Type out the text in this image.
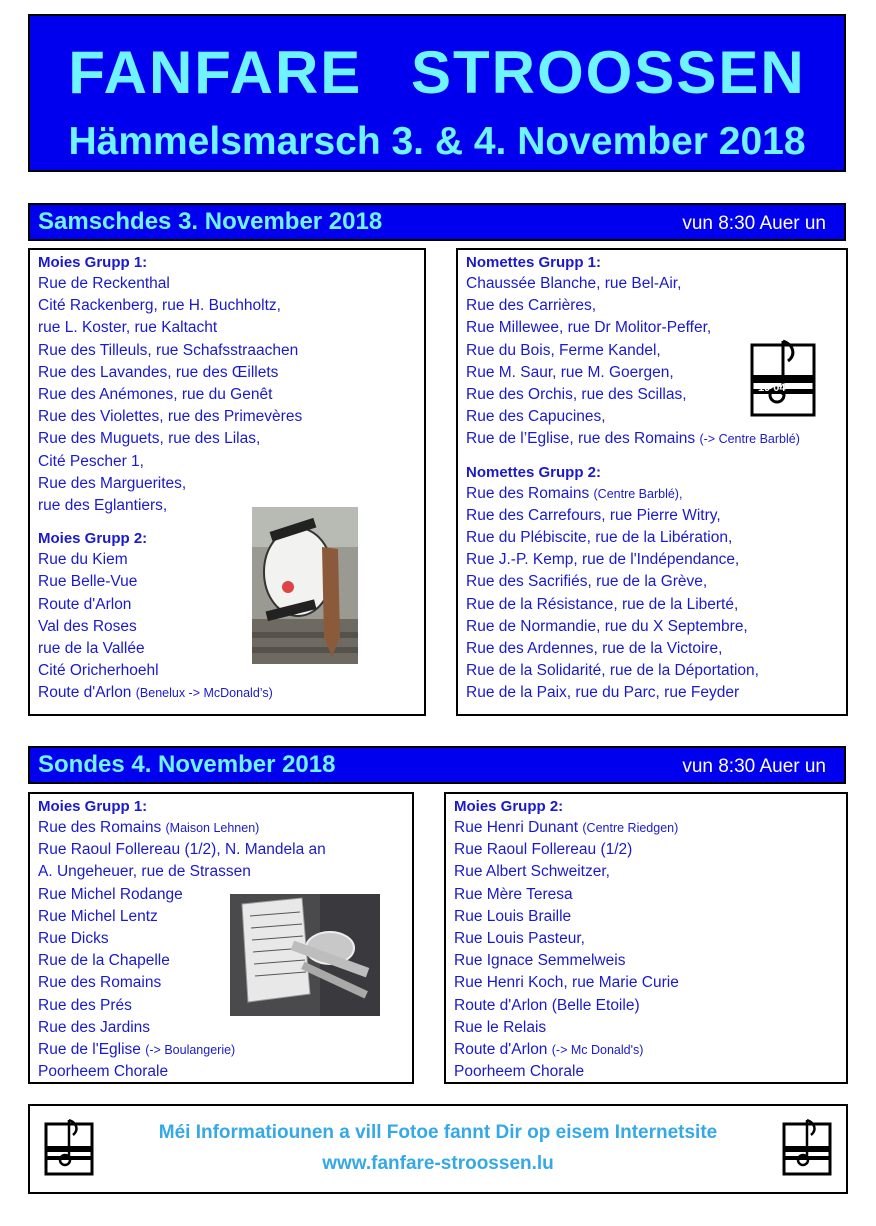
FANFARE STROOSSEN
Hämmelsmarsch 3. & 4. November 2018
Samschdes 3. November 2018	vun 8:30 Auer un
Moies Grupp 1:
Rue de Reckenthal
Cité Rackenberg, rue H. Buchholtz,
rue L. Koster, rue Kaltacht
Rue des Tilleuls, rue Schafsstraachen
Rue des Lavandes, rue des Œillets
Rue des Anémones, rue du Genêt
Rue des Violettes, rue des Primevères
Rue des Muguets, rue des Lilas,
Cité Pescher 1,
Rue des Marguerites,
rue des Eglantiers,
Moies Grupp 2:
Rue du Kiem
Rue Belle-Vue
Route d'Arlon
Val des Roses
rue de la Vallée
Cité Oricherhoehl
Route d'Arlon (Benelux -> McDonald’s)
Nomettes Grupp 1:
Chaussée Blanche, rue Bel-Air,
Rue des Carrières,
Rue Millewee, rue Dr Molitor-Peffer,
Rue du Bois, Ferme Kandel,
Rue M. Saur, rue M. Goergen,
Rue des Orchis, rue des Scillas,
Rue des Capucines,
Rue de l’Eglise, rue des Romains (-> Centre Barblé)
Nomettes Grupp 2:
Rue des Romains (Centre Barblé),
Rue des Carrefours, rue Pierre Witry,
Rue du Plébiscite, rue de la Libération,
Rue J.-P. Kemp, rue de l'Indépendance,
Rue des Sacrifiés, rue de la Grève,
Rue de la Résistance, rue de la Liberté,
Rue de Normandie, rue du X Septembre,
Rue des Ardennes, rue de la Victoire,
Rue de la Solidarité, rue de la Déportation,
Rue de la Paix, rue du Parc, rue Feyder
19 04
Sondes 4. November 2018	vun 8:30 Auer un
Moies Grupp 1:
Rue des Romains (Maison Lehnen)
Rue Raoul Follereau (1/2), N. Mandela an
A. Ungeheuer, rue de Strassen
Rue Michel Rodange
Rue Michel Lentz
Rue Dicks
Rue de la Chapelle
Rue des Romains
Rue des Prés
Rue des Jardins
Rue de l'Eglise (-> Boulangerie)
Poorheem Chorale
Moies Grupp 2:
Rue Henri Dunant (Centre Riedgen)
Rue Raoul Follereau (1/2)
Rue Albert Schweitzer,
Rue Mère Teresa
Rue Louis Braille
Rue Louis Pasteur,
Rue Ignace Semmelweis
Rue Henri Koch, rue Marie Curie
Route d'Arlon (Belle Etoile)
Rue le Relais
Route d'Arlon (-> Mc Donald's)
Poorheem Chorale
Méi Informatiounen a vill Fotoe fannt Dir op eisem Internetsite
www.fanfare-stroossen.lu
